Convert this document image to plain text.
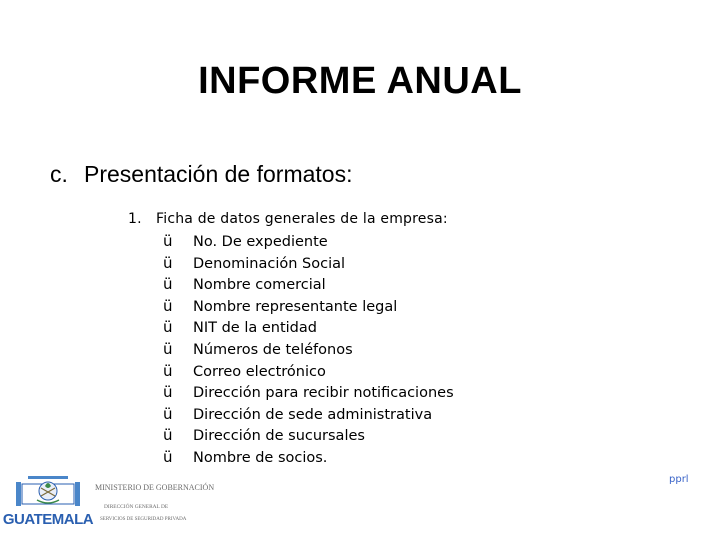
INFORME ANUAL
c. Presentación de formatos:
1. Ficha de datos generales de la empresa:
ü No. De expediente
ü Denominación Social
ü Nombre comercial
ü Nombre representante legal
ü NIT de la entidad
ü Números de teléfonos
ü Correo electrónico
ü Dirección para recibir notificaciones
ü Dirección de sede administrativa
ü Dirección de sucursales
ü Nombre de socios.
pprl
GUATEMALA
MINISTERIO DE GOBERNACIÓN
DIRECCIÓN GENERAL DE
SERVICIOS DE SEGURIDAD PRIVADA
